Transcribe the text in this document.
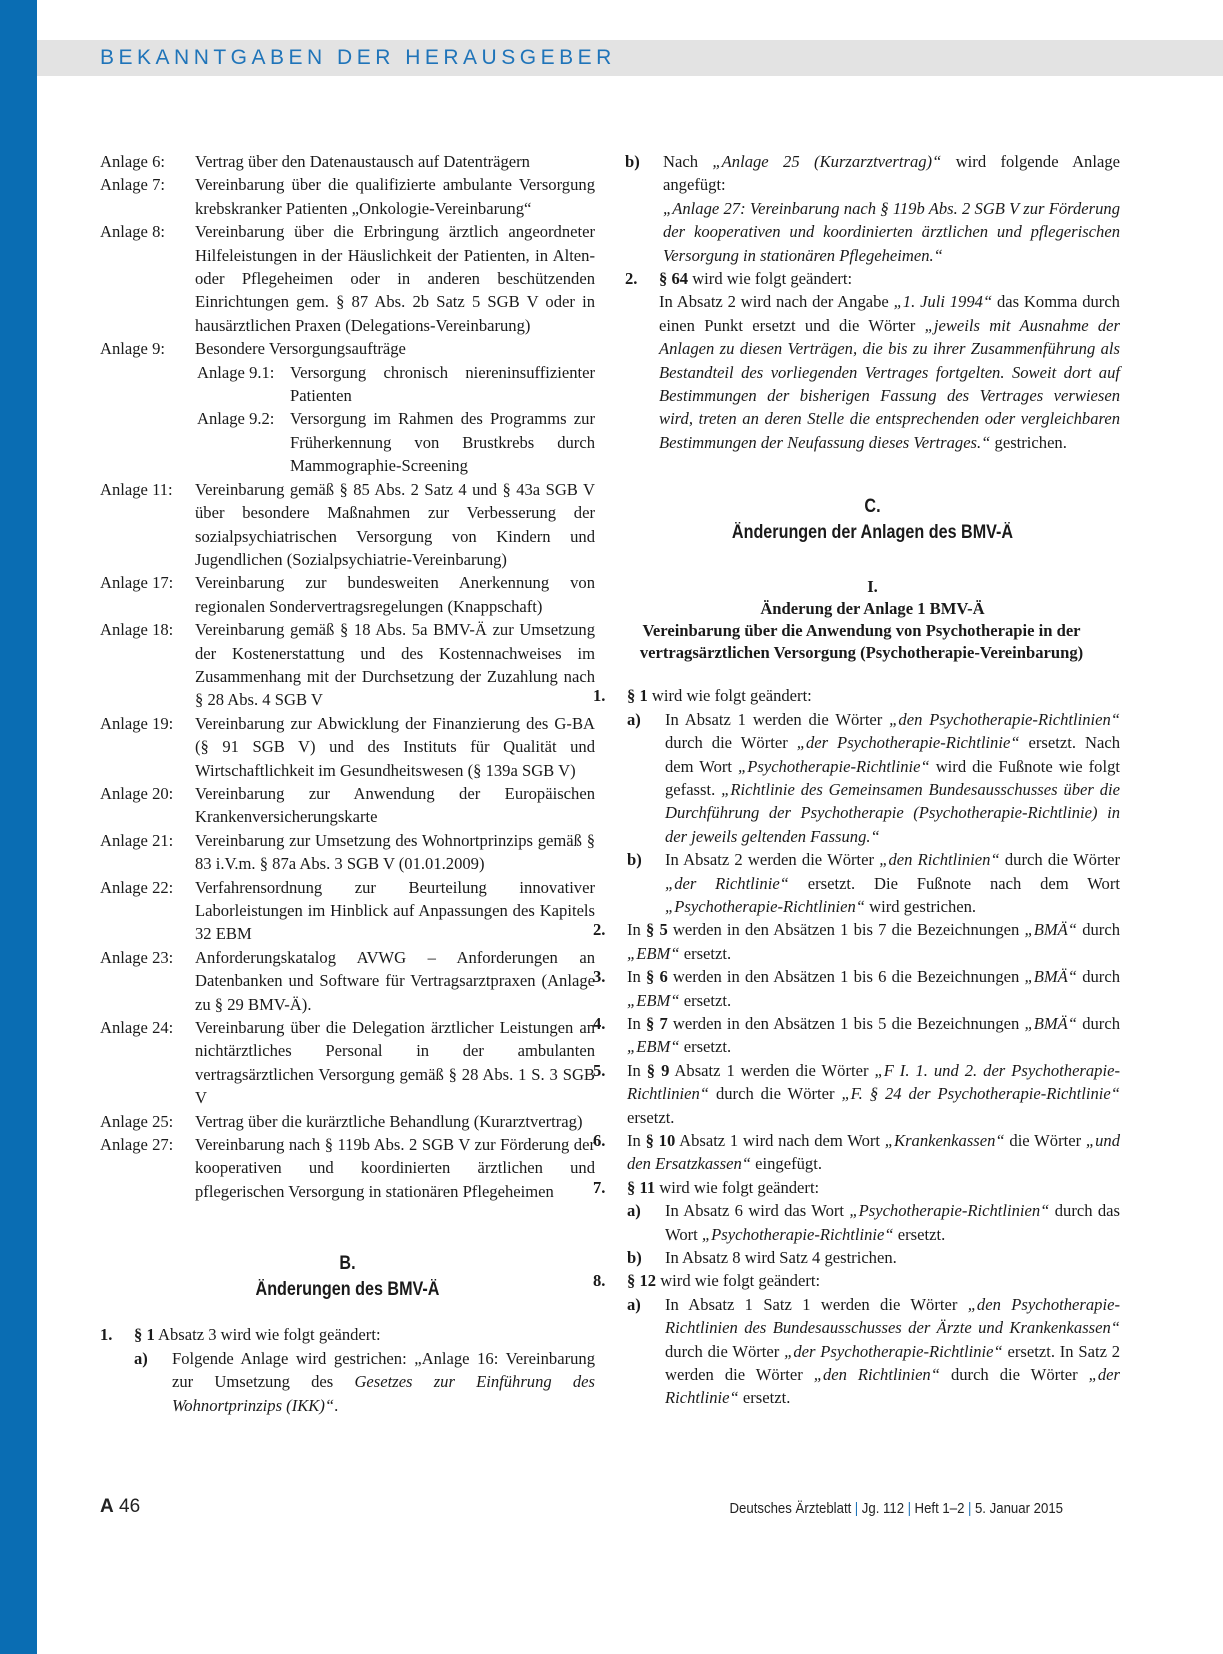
BEKANNTGABEN DER HERAUSGEBER
Anlage 6:	Vertrag über den Datenaustausch auf Datenträgern
Anlage 7:	Vereinbarung über die qualifizierte ambulante Versorgung krebskranker Patienten „Onkologie-Vereinbarung“
Anlage 8:	Vereinbarung über die Erbringung ärztlich angeordneter Hilfeleistungen in der Häuslichkeit der Patienten, in Alten- oder Pflegeheimen oder in anderen beschützenden Einrichtungen gem. § 87 Abs. 2b Satz 5 SGB V oder in hausärztlichen Praxen (Delegations-Vereinbarung)
Anlage 9:	Besondere Versorgungsaufträge
Anlage 9.1: Versorgung chronisch niereninsuffizienter Patienten
Anlage 9.2: Versorgung im Rahmen des Programms zur Früherkennung von Brustkrebs durch Mammographie-Screening
Anlage 11:	Vereinbarung gemäß § 85 Abs. 2 Satz 4 und § 43a SGB V über besondere Maßnahmen zur Verbesserung der sozialpsychiatrischen Versorgung von Kindern und Jugendlichen (Sozialpsychiatrie-Vereinbarung)
Anlage 17:	Vereinbarung zur bundesweiten Anerkennung von regionalen Sondervertragsregelungen (Knappschaft)
Anlage 18:	Vereinbarung gemäß § 18 Abs. 5a BMV-Ä zur Umsetzung der Kostenerstattung und des Kostennachweises im Zusammenhang mit der Durchsetzung der Zuzahlung nach § 28 Abs. 4 SGB V
Anlage 19:	Vereinbarung zur Abwicklung der Finanzierung des G-BA (§ 91 SGB V) und des Instituts für Qualität und Wirtschaftlichkeit im Gesundheitswesen (§ 139a SGB V)
Anlage 20:	Vereinbarung zur Anwendung der Europäischen Krankenversicherungskarte
Anlage 21:	Vereinbarung zur Umsetzung des Wohnortprinzips gemäß § 83 i.V.m. § 87a Abs. 3 SGB V (01.01.2009)
Anlage 22:	Verfahrensordnung zur Beurteilung innovativer Laborleistungen im Hinblick auf Anpassungen des Kapitels 32 EBM
Anlage 23:	Anforderungskatalog AVWG – Anforderungen an Datenbanken und Software für Vertragsarztpraxen (Anlage zu § 29 BMV-Ä).
Anlage 24:	Vereinbarung über die Delegation ärztlicher Leistungen an nichtärztliches Personal in der ambulanten vertragsärztlichen Versorgung gemäß § 28 Abs. 1 S. 3 SGB V
Anlage 25:	Vertrag über die kurärztliche Behandlung (Kurarztvertrag)
Anlage 27:	Vereinbarung nach § 119b Abs. 2 SGB V zur Förderung der kooperativen und koordinierten ärztlichen und pflegerischen Versorgung in stationären Pflegeheimen
B.
Änderungen des BMV-Ä
1.	§ 1 Absatz 3 wird wie folgt geändert:
a)	Folgende Anlage wird gestrichen: „Anlage 16: Vereinbarung zur Umsetzung des Gesetzes zur Einführung des Wohnortprinzips (IKK)“.
b)	Nach „Anlage 25 (Kurzarztvertrag)“ wird folgende Anlage angefügt:
„Anlage 27: Vereinbarung nach § 119b Abs. 2 SGB V zur Förderung der kooperativen und koordinierten ärztlichen und pflegerischen Versorgung in stationären Pflegeheimen.“
2.	§ 64 wird wie folgt geändert:
In Absatz 2 wird nach der Angabe „1. Juli 1994“ das Komma durch einen Punkt ersetzt und die Wörter „jeweils mit Ausnahme der Anlagen zu diesen Verträgen, die bis zu ihrer Zusammenführung als Bestandteil des vorliegenden Vertrages fortgelten. Soweit dort auf Bestimmungen der bisherigen Fassung des Vertrages verwiesen wird, treten an deren Stelle die entsprechenden oder vergleichbaren Bestimmungen der Neufassung dieses Vertrages.“ gestrichen.
C.
Änderungen der Anlagen des BMV-Ä
I.
Änderung der Anlage 1 BMV-Ä
Vereinbarung über die Anwendung von Psychotherapie in der vertragsärztlichen Versorgung (Psychotherapie-Vereinbarung)
1.	§ 1 wird wie folgt geändert:
a)	In Absatz 1 werden die Wörter „den Psychotherapie-Richtlinien“ durch die Wörter „der Psychotherapie-Richtlinie“ ersetzt. Nach dem Wort „Psychotherapie-Richtlinie“ wird die Fußnote wie folgt gefasst. „Richtlinie des Gemeinsamen Bundesausschusses über die Durchführung der Psychotherapie (Psychotherapie-Richtlinie) in der jeweils geltenden Fassung.“
b)	In Absatz 2 werden die Wörter „den Richtlinien“ durch die Wörter „der Richtlinie“ ersetzt. Die Fußnote nach dem Wort „Psychotherapie-Richtlinien“ wird gestrichen.
2.	In § 5 werden in den Absätzen 1 bis 7 die Bezeichnungen „BMÄ“ durch „EBM“ ersetzt.
3.	In § 6 werden in den Absätzen 1 bis 6 die Bezeichnungen „BMÄ“ durch „EBM“ ersetzt.
4.	In § 7 werden in den Absätzen 1 bis 5 die Bezeichnungen „BMÄ“ durch „EBM“ ersetzt.
5.	In § 9 Absatz 1 werden die Wörter „F I. 1. und 2. der Psychotherapie-Richtlinien“ durch die Wörter „F. § 24 der Psychotherapie-Richtlinie“ ersetzt.
6.	In § 10 Absatz 1 wird nach dem Wort „Krankenkassen“ die Wörter „und den Ersatzkassen“ eingefügt.
7.	§ 11 wird wie folgt geändert:
a)	In Absatz 6 wird das Wort „Psychotherapie-Richtlinien“ durch das Wort „Psychotherapie-Richtlinie“ ersetzt.
b)	In Absatz 8 wird Satz 4 gestrichen.
8.	§ 12 wird wie folgt geändert:
a)	In Absatz 1 Satz 1 werden die Wörter „den Psychotherapie-Richtlinien des Bundesausschusses der Ärzte und Krankenkassen“ durch die Wörter „der Psychotherapie-Richtlinie“ ersetzt. In Satz 2 werden die Wörter „den Richtlinien“ durch die Wörter „der Richtlinie“ ersetzt.
A 46	Deutsches Ärzteblatt | Jg. 112 | Heft 1–2 | 5. Januar 2015
